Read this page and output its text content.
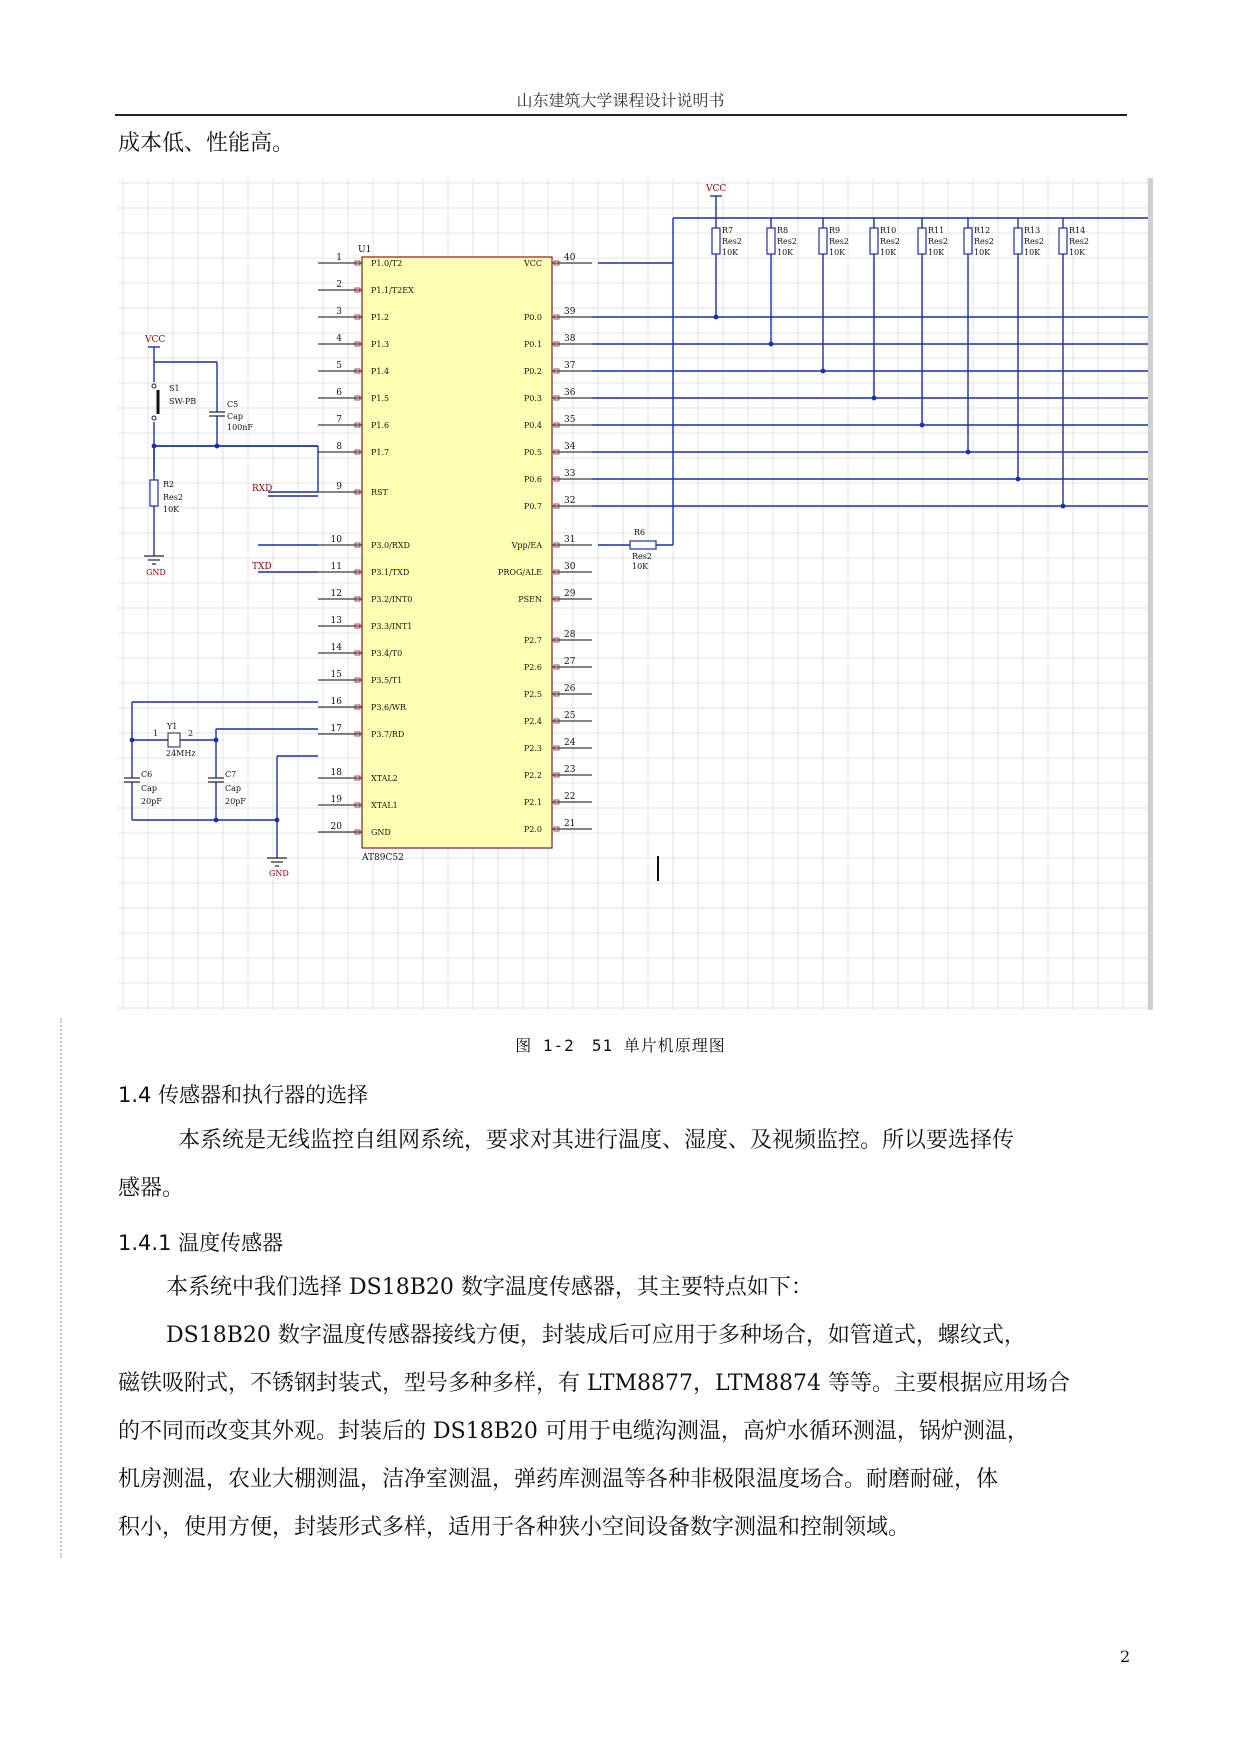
山东建筑大学课程设计说明书
成本低、性能高。
U1
AT89C52
1
P1.0/T2
2
P1.1/T2EX
3
P1.2
4
P1.3
5
P1.4
6
P1.5
7
P1.6
8
P1.7
9
RST
10
P3.0/RXD
11
P3.1/TXD
12
P3.2/INT0
13
P3.3/INT1
14
P3.4/T0
15
P3.5/T1
16
P3.6/WR
17
P3.7/RD
18
XTAL2
19
XTAL1
20
GND
40
VCC
39
P0.0
38
P0.1
37
P0.2
36
P0.3
35
P0.4
34
P0.5
33
P0.6
32
P0.7
31
Vpp/EA
30
PROG/ALE
29
PSEN
28
P2.7
27
P2.6
26
P2.5
25
P2.4
24
P2.3
23
P2.2
22
P2.1
21
P2.0
VCC
R7
Res2
10K
R8
Res2
10K
R9
Res2
10K
R10
Res2
10K
R11
Res2
10K
R12
Res2
10K
R13
Res2
10K
R14
Res2
10K
R6
Res2
10K
VCC
S1
SW-PB	C5
Cap
100nF
R2
Res2
10K
GND
RXD
TXD
Y1
1	2
24MHz
C6
Cap
20pF
C7
Cap
20pF
GND
图 1-2　51 单片机原理图
1.4 传感器和执行器的选择
本系统是无线监控自组网系统，要求对其进行温度、湿度、及视频监控。所以要选择传
感器。
1.4.1 温度传感器
本系统中我们选择 DS18B20 数字温度传感器，其主要特点如下：
DS18B20 数字温度传感器接线方便，封装成后可应用于多种场合，如管道式，螺纹式，
磁铁吸附式，不锈钢封装式，型号多种多样，有 LTM8877，LTM8874 等等。主要根据应用场合
的不同而改变其外观。封装后的 DS18B20 可用于电缆沟测温，高炉水循环测温，锅炉测温，
机房测温，农业大棚测温，洁净室测温，弹药库测温等各种非极限温度场合。耐磨耐碰，体
积小，使用方便，封装形式多样，适用于各种狭小空间设备数字测温和控制领域。
2
